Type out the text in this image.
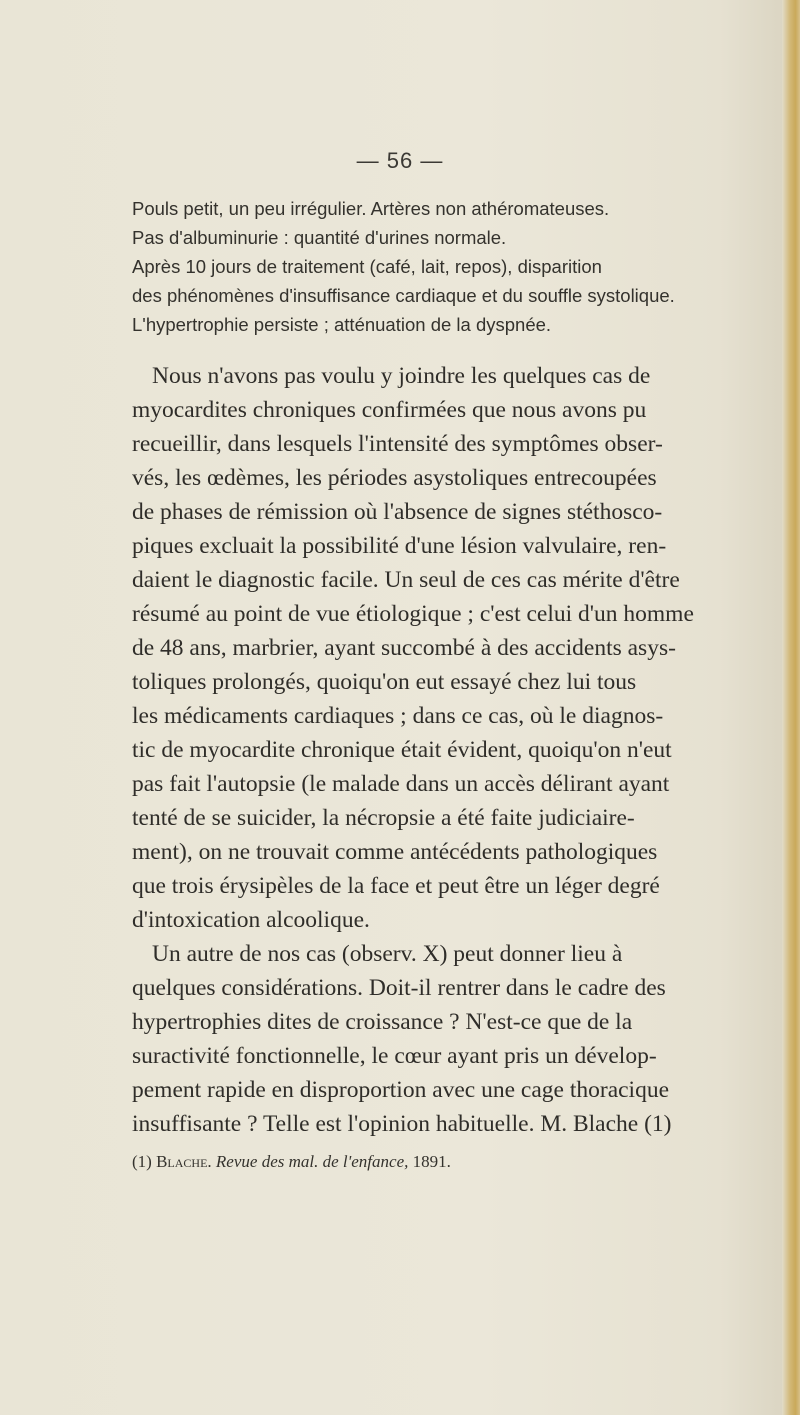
— 56 —
Pouls petit, un peu irrégulier. Artères non athéromateuses.
Pas d'albuminurie : quantité d'urines normale.
Après 10 jours de traitement (café, lait, repos), disparition
des phénomènes d'insuffisance cardiaque et du souffle systolique.
L'hypertrophie persiste ; atténuation de la dyspnée.
Nous n'avons pas voulu y joindre les quelques cas de
myocardites chroniques confirmées que nous avons pu
recueillir, dans lesquels l'intensité des symptômes obser-
vés, les œdèmes, les périodes asystoliques entrecoupées
de phases de rémission où l'absence de signes stéthosco-
piques excluait la possibilité d'une lésion valvulaire, ren-
daient le diagnostic facile. Un seul de ces cas mérite d'être
résumé au point de vue étiologique ; c'est celui d'un homme
de 48 ans, marbrier, ayant succombé à des accidents asys-
toliques prolongés, quoiqu'on eut essayé chez lui tous
les médicaments cardiaques ; dans ce cas, où le diagnos-
tic de myocardite chronique était évident, quoiqu'on n'eut
pas fait l'autopsie (le malade dans un accès délirant ayant
tenté de se suicider, la nécropsie a été faite judiciaire-
ment), on ne trouvait comme antécédents pathologiques
que trois érysipèles de la face et peut être un léger degré
d'intoxication alcoolique.
Un autre de nos cas (observ. X) peut donner lieu à
quelques considérations. Doit-il rentrer dans le cadre des
hypertrophies dites de croissance ? N'est-ce que de la
suractivité fonctionnelle, le cœur ayant pris un dévelop-
pement rapide en disproportion avec une cage thoracique
insuffisante ? Telle est l'opinion habituelle. M. Blache (1)
(1) Blache. Revue des mal. de l'enfance, 1891.
